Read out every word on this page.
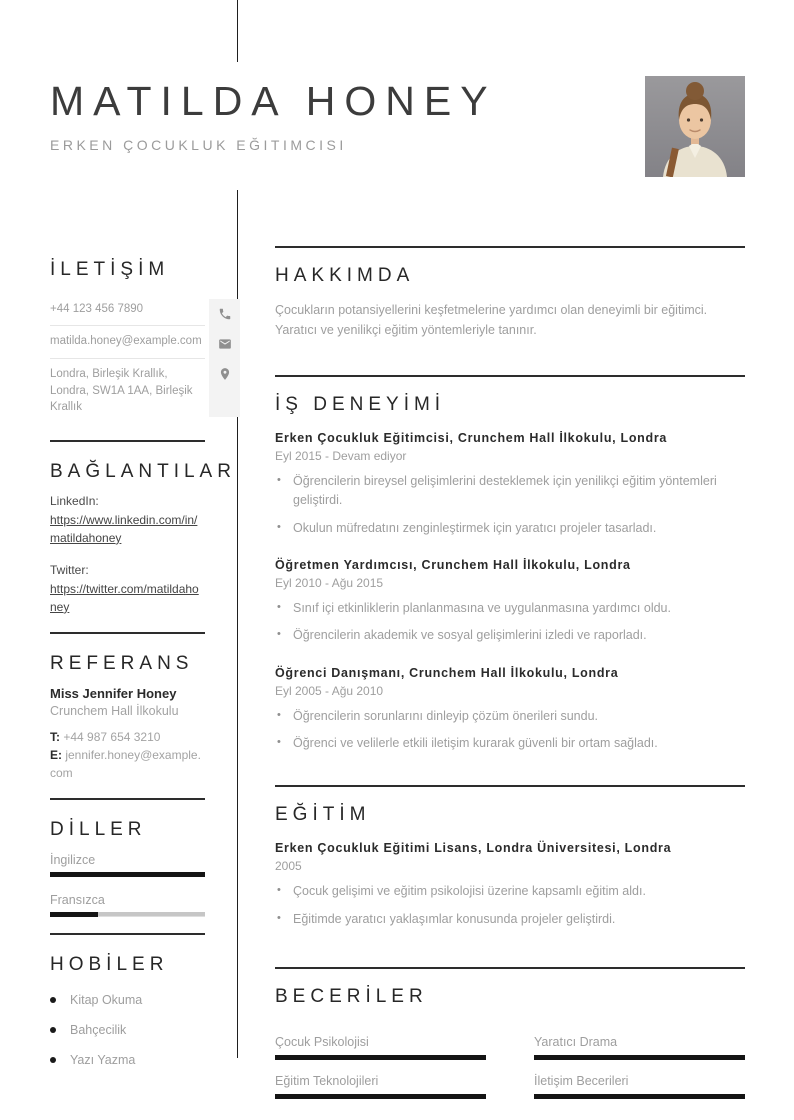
MATILDA HONEY
ERKEN ÇOCUKLUK EĞITIMCISI
İLETİŞİM
+44 123 456 7890
matilda.honey@example.com
Londra, Birleşik Krallık, Londra, SW1A 1AA, Birleşik Krallık
BAĞLANTILAR
LinkedIn:
https://www.linkedin.com/in/matildahoney
Twitter:
https://twitter.com/matildahoney
REFERANS
Miss Jennifer Honey
Crunchem Hall İlkokulu
T: +44 987 654 3210
E: jennifer.honey@example.com
DİLLER
İngilizce
Fransızca
HOBİLER
Kitap Okuma
Bahçecilik
Yazı Yazma
HAKKIMDA

Çocukların potansiyellerini keşfetmelerine yardımcı olan deneyimli bir eğitimci. Yaratıcı ve yenilikçi eğitim yöntemleriyle tanınır.

İŞ DENEYİMİ
Erken Çocukluk Eğitimcisi, Crunchem Hall İlkokulu, Londra
Eyl 2015 - Devam ediyor
• Öğrencilerin bireysel gelişimlerini desteklemek için yenilikçi eğitim yöntemleri geliştirdi.
• Okulun müfredatını zenginleştirmek için yaratıcı projeler tasarladı.
Öğretmen Yardımcısı, Crunchem Hall İlkokulu, Londra
Eyl 2010 - Ağu 2015
• Sınıf içi etkinliklerin planlanmasına ve uygulanmasına yardımcı oldu.
• Öğrencilerin akademik ve sosyal gelişimlerini izledi ve raporladı.
Öğrenci Danışmanı, Crunchem Hall İlkokulu, Londra
Eyl 2005 - Ağu 2010
• Öğrencilerin sorunlarını dinleyip çözüm önerileri sundu.
• Öğrenci ve velilerle etkili iletişim kurarak güvenli bir ortam sağladı.
EĞİTİM
Erken Çocukluk Eğitimi Lisans, Londra Üniversitesi, Londra
2005
• Çocuk gelişimi ve eğitim psikolojisi üzerine kapsamlı eğitim aldı.
• Eğitimde yaratıcı yaklaşımlar konusunda projeler geliştirdi.
BECERİLER
Çocuk Psikolojisi	Yaratıcı Drama
Eğitim Teknolojileri	İletişim Becerileri
